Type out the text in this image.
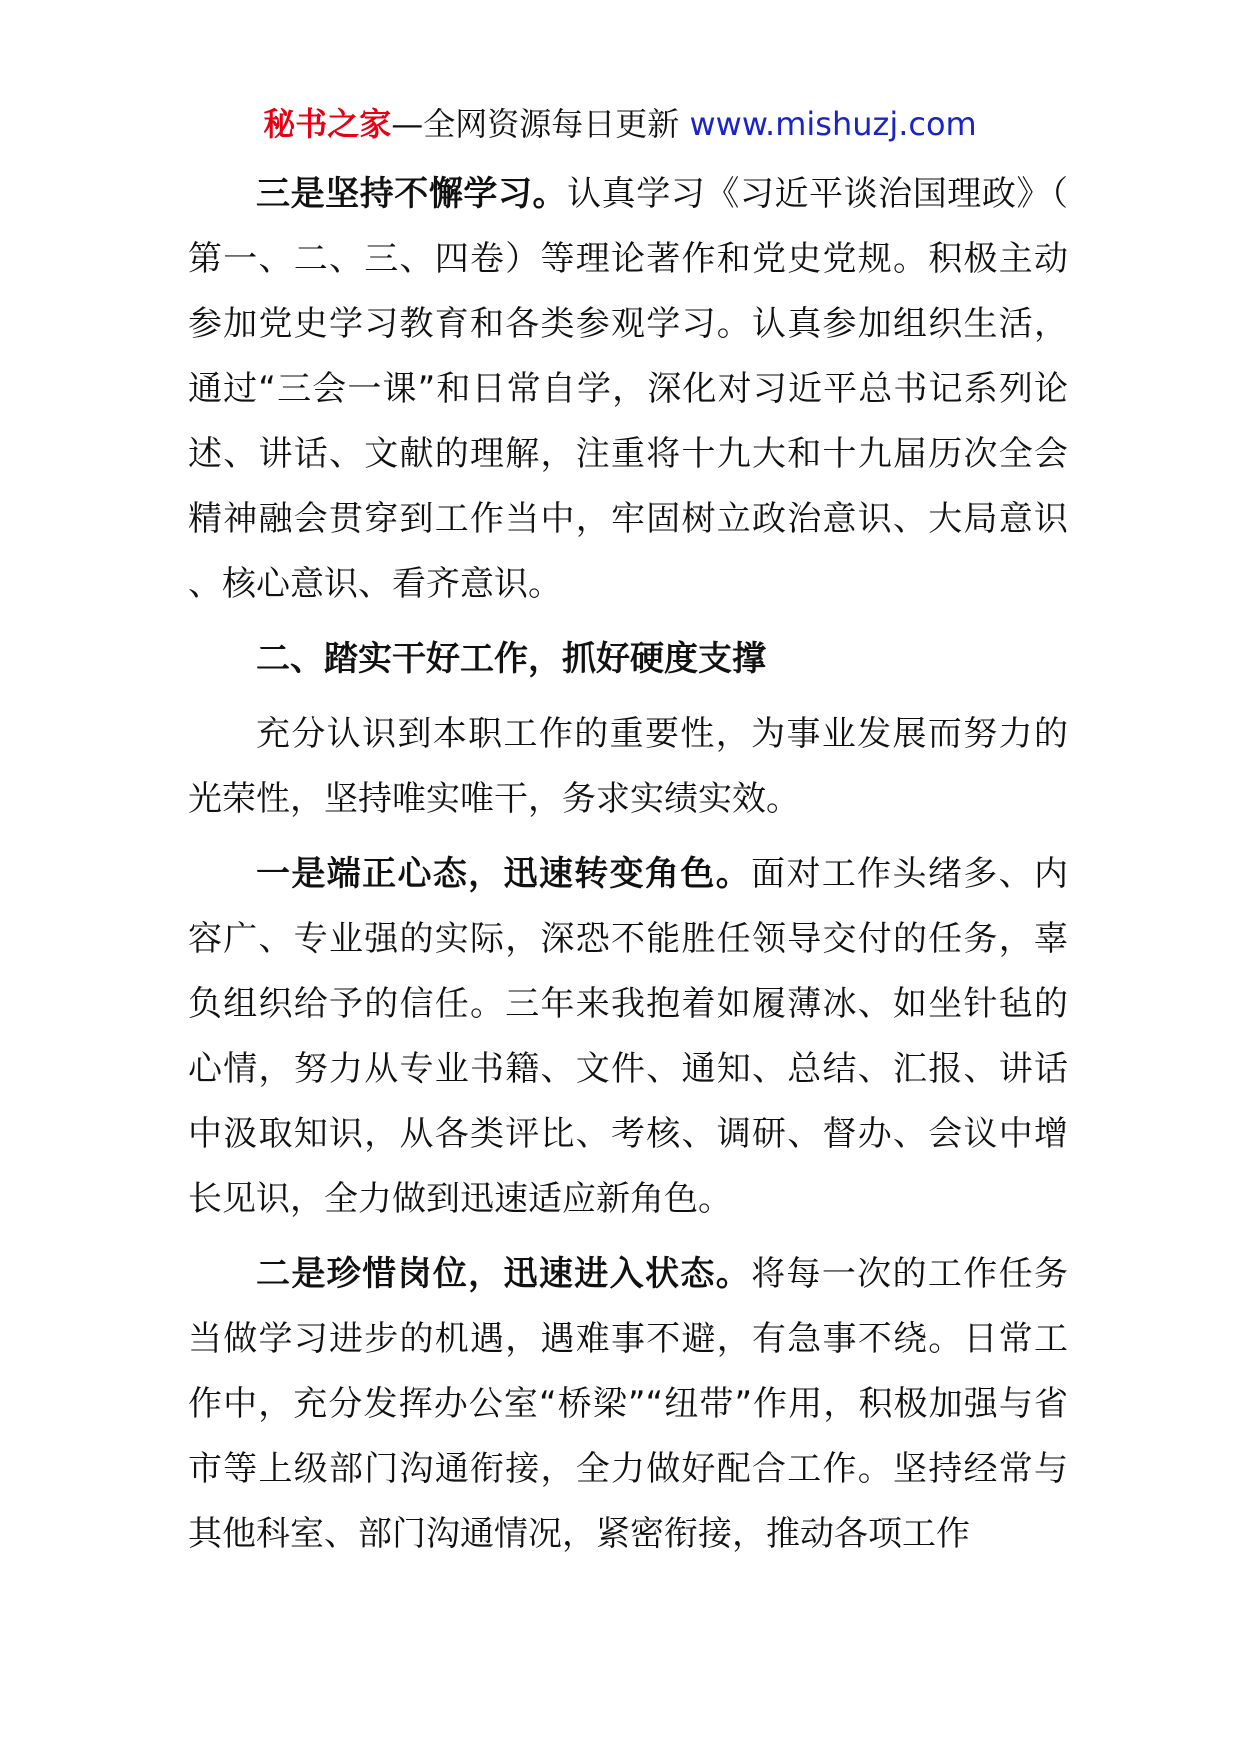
秘书之家—全网资源每日更新 www.mishuzj.com

三是坚持不懈学习。认真学习《习近平谈治国理政》（第一、二、三、四卷）等理论著作和党史党规。积极主动参加党史学习教育和各类参观学习。认真参加组织生活，通过“三会一课”和日常自学，深化对习近平总书记系列论述、讲话、文献的理解，注重将十九大和十九届历次全会精神融会贯穿到工作当中，牢固树立政治意识、大局意识、核心意识、看齐意识。

二、踏实干好工作，抓好硬度支撑

充分认识到本职工作的重要性，为事业发展而努力的光荣性，坚持唯实唯干，务求实绩实效。

一是端正心态，迅速转变角色。面对工作头绪多、内容广、专业强的实际，深恐不能胜任领导交付的任务，辜负组织给予的信任。三年来我抱着如履薄冰、如坐针毡的心情，努力从专业书籍、文件、通知、总结、汇报、讲话中汲取知识，从各类评比、考核、调研、督办、会议中增长见识，全力做到迅速适应新角色。

二是珍惜岗位，迅速进入状态。将每一次的工作任务当做学习进步的机遇，遇难事不避，有急事不绕。日常工作中，充分发挥办公室“桥梁”“纽带”作用，积极加强与省市等上级部门沟通衔接，全力做好配合工作。坚持经常与其他科室、部门沟通情况，紧密衔接，推动各项工作
